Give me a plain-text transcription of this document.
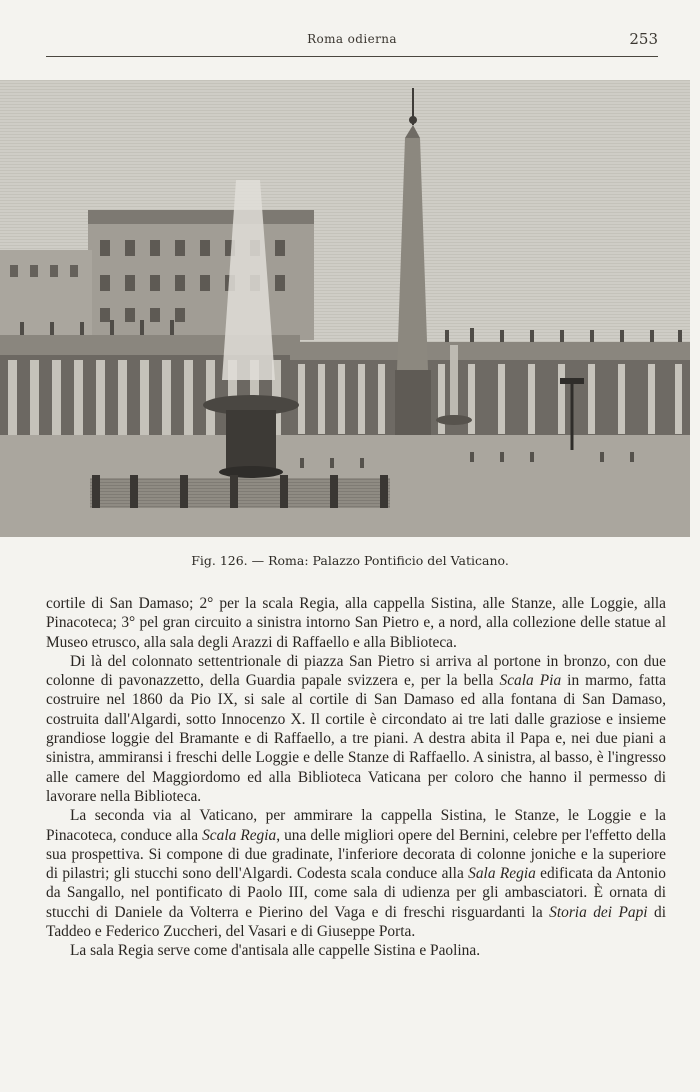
Roma odierna	253
Fig. 126. — Roma: Palazzo Pontificio del Vaticano.

cortile di San Damaso; 2° per la scala Regia, alla cappella Sistina, alle Stanze, alle Loggie, alla Pinacoteca; 3° pel gran circuito a sinistra intorno San Pietro e, a nord, alla collezione delle statue al Museo etrusco, alla sala degli Arazzi di Raffaello e alla Biblioteca.

Di là del colonnato settentrionale di piazza San Pietro si arriva al portone in bronzo, con due colonne di pavonazzetto, della Guardia papale svizzera e, per la bella Scala Pia in marmo, fatta costruire nel 1860 da Pio IX, si sale al cortile di San Damaso ed alla fontana di San Damaso, costruita dall'Algardi, sotto Innocenzo X. Il cortile è circondato ai tre lati dalle graziose e insieme grandiose loggie del Bramante e di Raffaello, a tre piani. A destra abita il Papa e, nei due piani a sinistra, ammiransi i freschi delle Loggie e delle Stanze di Raffaello. A sinistra, al basso, è l'ingresso alle camere del Maggiordomo ed alla Biblioteca Vaticana per coloro che hanno il permesso di lavorare nella Biblioteca.

La seconda via al Vaticano, per ammirare la cappella Sistina, le Stanze, le Loggie e la Pinacoteca, conduce alla Scala Regia, una delle migliori opere del Bernini, celebre per l'effetto della sua prospettiva. Si compone di due gradinate, l'inferiore decorata di colonne joniche e la superiore di pilastri; gli stucchi sono dell'Algardi. Codesta scala conduce alla Sala Regia edificata da Antonio da Sangallo, nel pontificato di Paolo III, come sala di udienza per gli ambasciatori. È ornata di stucchi di Daniele da Volterra e Pierino del Vaga e di freschi risguardanti la Storia dei Papi di Taddeo e Federico Zuccheri, del Vasari e di Giuseppe Porta.

La sala Regia serve come d'antisala alle cappelle Sistina e Paolina.
